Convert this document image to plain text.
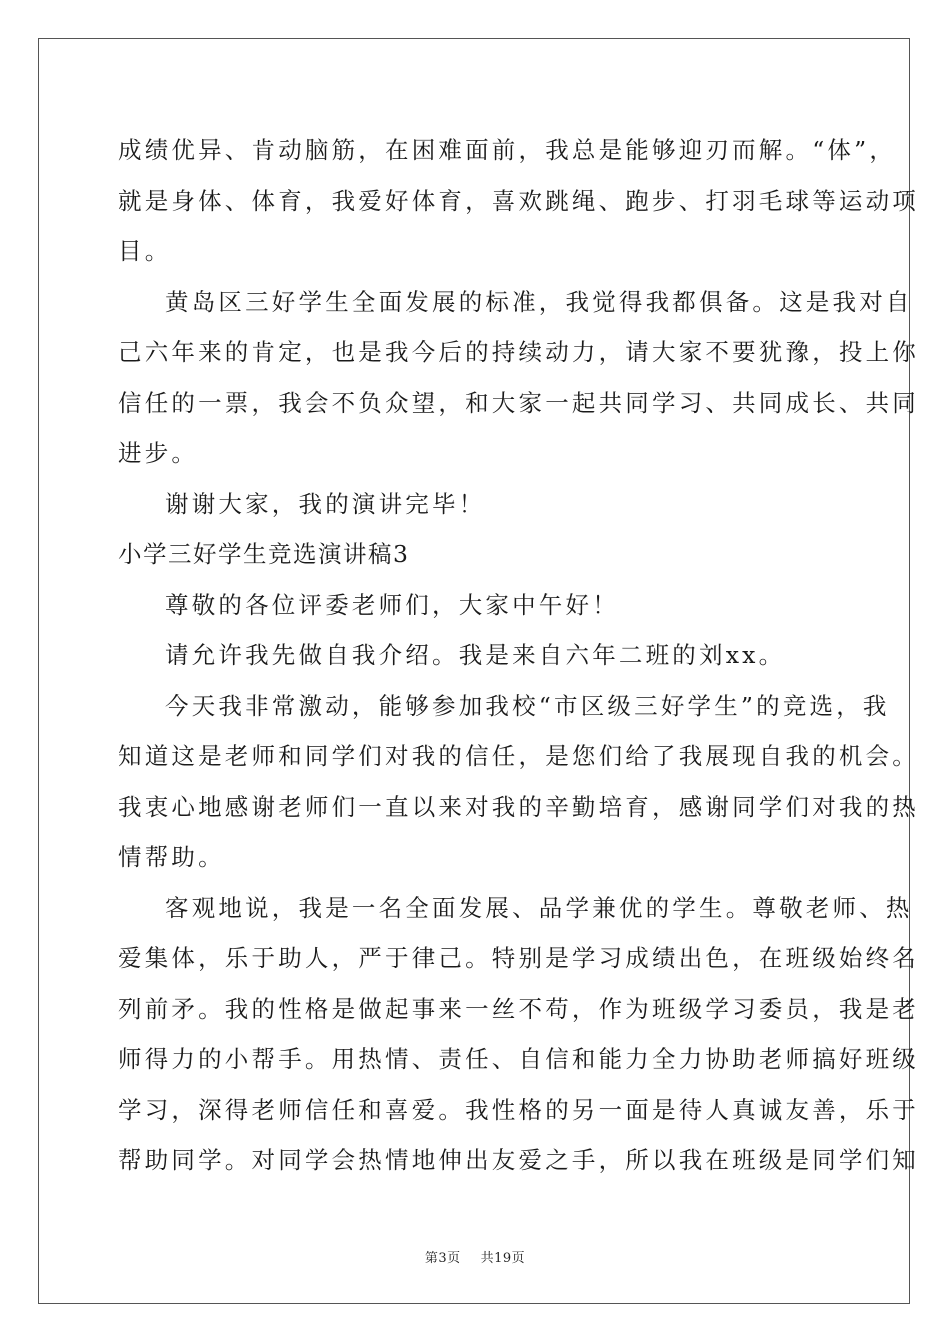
成绩优异、肯动脑筋，在困难面前，我总是能够迎刃而解。“体”，
就是身体、体育，我爱好体育，喜欢跳绳、跑步、打羽毛球等运动项
目。
黄岛区三好学生全面发展的标准，我觉得我都俱备。这是我对自
己六年来的肯定，也是我今后的持续动力，请大家不要犹豫，投上你
信任的一票，我会不负众望，和大家一起共同学习、共同成长、共同
进步。
谢谢大家，我的演讲完毕！
小学三好学生竞选演讲稿3
尊敬的各位评委老师们，大家中午好！
请允许我先做自我介绍。我是来自六年二班的刘xx。
今天我非常激动，能够参加我校“市区级三好学生”的竞选，我
知道这是老师和同学们对我的信任，是您们给了我展现自我的机会。
我衷心地感谢老师们一直以来对我的辛勤培育，感谢同学们对我的热
情帮助。
客观地说，我是一名全面发展、品学兼优的学生。尊敬老师、热
爱集体，乐于助人，严于律己。特别是学习成绩出色，在班级始终名
列前矛。我的性格是做起事来一丝不苟，作为班级学习委员，我是老
师得力的小帮手。用热情、责任、自信和能力全力协助老师搞好班级
学习，深得老师信任和喜爱。我性格的另一面是待人真诚友善，乐于
帮助同学。对同学会热情地伸出友爱之手，所以我在班级是同学们知
第3页 共19页
